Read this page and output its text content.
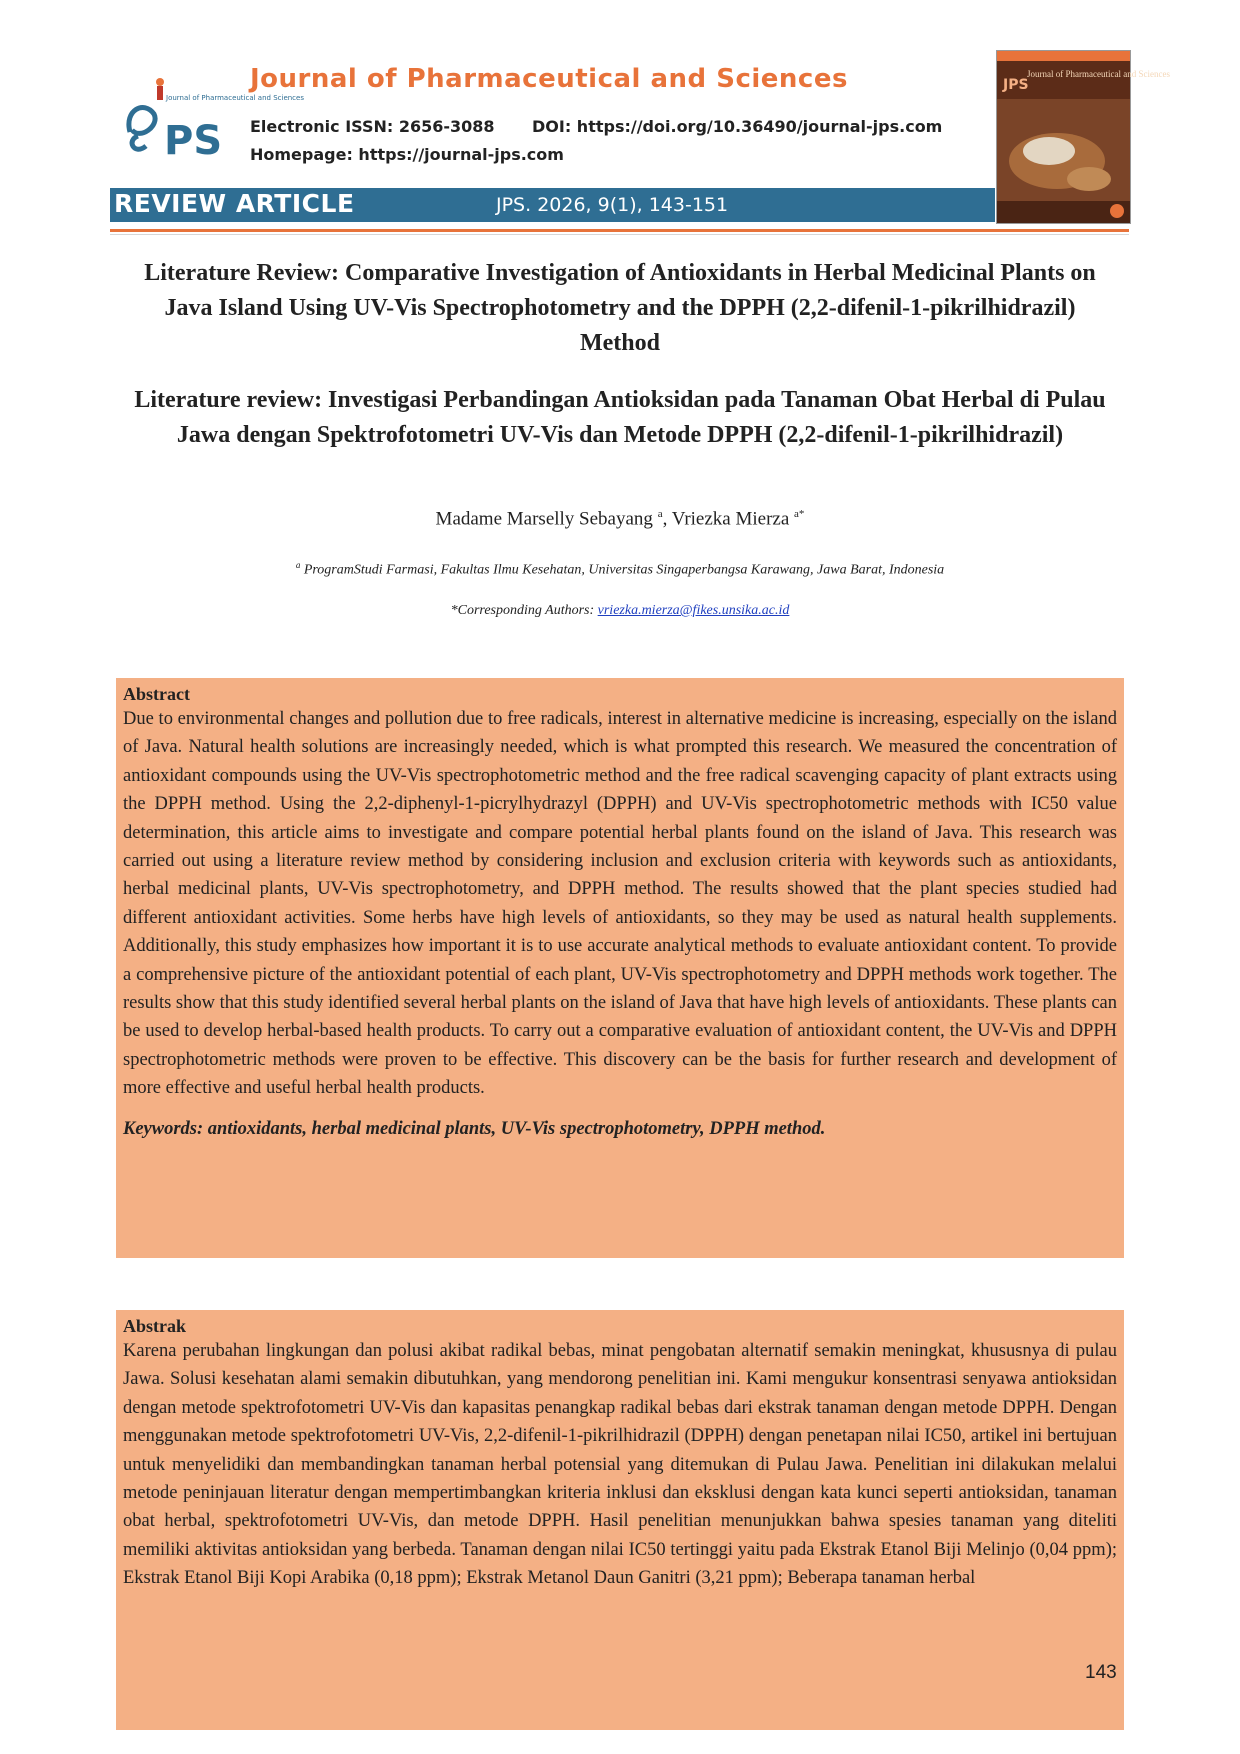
PS
Journal of Pharmaceutical and Sciences
Journal of Pharmaceutical and Sciences
Electronic ISSN: 2656-3088 DOI: https://doi.org/10.36490/journal-jps.com
Homepage: https://journal-jps.com
Journal of Pharmaceutical and Sciences
JPS
REVIEW ARTICLE	JPS. 2026, 9(1), 143-151
Literature Review: Comparative Investigation of Antioxidants in Herbal Medicinal Plants on Java Island Using UV-Vis Spectrophotometry and the DPPH (2,2-difenil-1-pikrilhidrazil) Method
Literature review: Investigasi Perbandingan Antioksidan pada Tanaman Obat Herbal di Pulau Jawa dengan Spektrofotometri UV-Vis dan Metode DPPH (2,2-difenil-1-pikrilhidrazil)
Madame Marselly Sebayang $^a$, Vriezka Mierza $^{a*}$
$^a$ ProgramStudi Farmasi, Fakultas Ilmu Kesehatan, Universitas Singaperbangsa Karawang, Jawa Barat, Indonesia
*Corresponding Authors: vriezka.mierza@fikes.unsika.ac.id
Abstract

Due to environmental changes and pollution due to free radicals, interest in alternative medicine is increasing, especially on the island of Java. Natural health solutions are increasingly needed, which is what prompted this research. We measured the concentration of antioxidant compounds using the UV-Vis spectrophotometric method and the free radical scavenging capacity of plant extracts using the DPPH method. Using the 2,2-diphenyl-1-picrylhydrazyl (DPPH) and UV-Vis spectrophotometric methods with IC50 value determination, this article aims to investigate and compare potential herbal plants found on the island of Java. This research was carried out using a literature review method by considering inclusion and exclusion criteria with keywords such as antioxidants, herbal medicinal plants, UV-Vis spectrophotometry, and DPPH method. The results showed that the plant species studied had different antioxidant activities. Some herbs have high levels of antioxidants, so they may be used as natural health supplements. Additionally, this study emphasizes how important it is to use accurate analytical methods to evaluate antioxidant content. To provide a comprehensive picture of the antioxidant potential of each plant, UV-Vis spectrophotometry and DPPH methods work together. The results show that this study identified several herbal plants on the island of Java that have high levels of antioxidants. These plants can be used to develop herbal-based health products. To carry out a comparative evaluation of antioxidant content, the UV-Vis and DPPH spectrophotometric methods were proven to be effective. This discovery can be the basis for further research and development of more effective and useful herbal health products.

Keywords: antioxidants, herbal medicinal plants, UV-Vis spectrophotometry, DPPH method.
Abstrak

Karena perubahan lingkungan dan polusi akibat radikal bebas, minat pengobatan alternatif semakin meningkat, khususnya di pulau Jawa. Solusi kesehatan alami semakin dibutuhkan, yang mendorong penelitian ini. Kami mengukur konsentrasi senyawa antioksidan dengan metode spektrofotometri UV-Vis dan kapasitas penangkap radikal bebas dari ekstrak tanaman dengan metode DPPH. Dengan menggunakan metode spektrofotometri UV-Vis, 2,2-difenil-1-pikrilhidrazil (DPPH) dengan penetapan nilai IC50, artikel ini bertujuan untuk menyelidiki dan membandingkan tanaman herbal potensial yang ditemukan di Pulau Jawa. Penelitian ini dilakukan melalui metode peninjauan literatur dengan mempertimbangkan kriteria inklusi dan eksklusi dengan kata kunci seperti antioksidan, tanaman obat herbal, spektrofotometri UV-Vis, dan metode DPPH. Hasil penelitian menunjukkan bahwa spesies tanaman yang diteliti memiliki aktivitas antioksidan yang berbeda. Tanaman dengan nilai IC50 tertinggi yaitu pada Ekstrak Etanol Biji Melinjo (0,04 ppm); Ekstrak Etanol Biji Kopi Arabika (0,18 ppm); Ekstrak Metanol Daun Ganitri (3,21 ppm); Beberapa tanaman herbal

143
